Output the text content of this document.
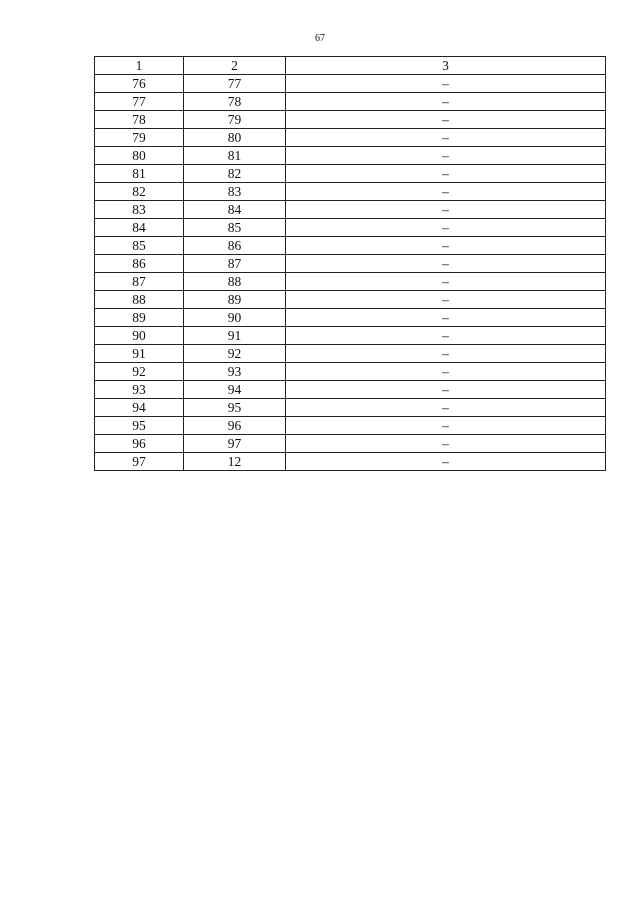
67
1	2	3
76	77	–
77	78	–
78	79	–
79	80	–
80	81	–
81	82	–
82	83	–
83	84	–
84	85	–
85	86	–
86	87	–
87	88	–
88	89	–
89	90	–
90	91	–
91	92	–
92	93	–
93	94	–
94	95	–
95	96	–
96	97	–
97	12	–
